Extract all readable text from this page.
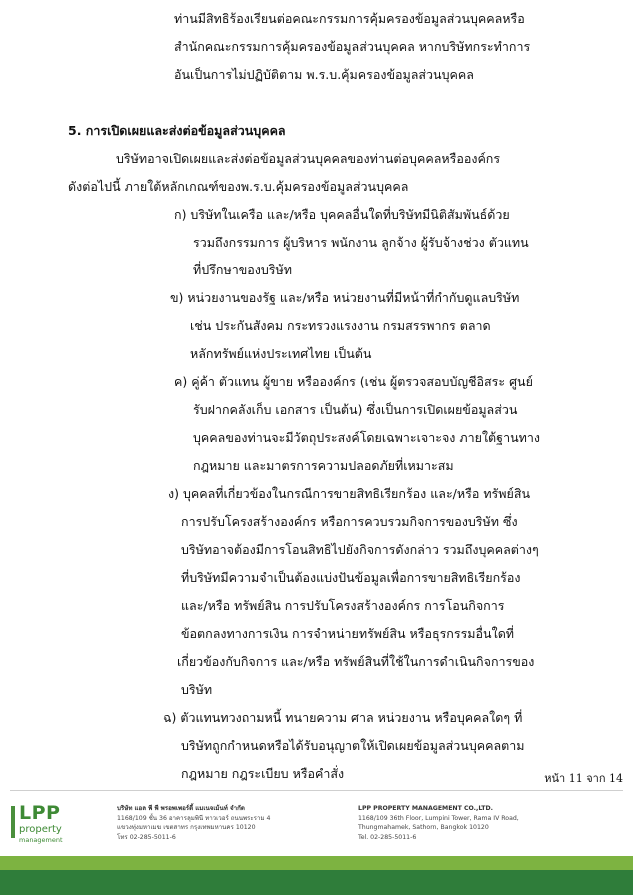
ท่านมีสิทธิร้องเรียนต่อคณะกรรมการคุ้มครองข้อมูลส่วนบุคคลหรือ
สำนักคณะกรรมการคุ้มครองข้อมูลส่วนบุคคล หากบริษัทกระทำการ
อันเป็นการไม่ปฏิบัติตาม พ.ร.บ.คุ้มครองข้อมูลส่วนบุคคล
5. การเปิดเผยและส่งต่อข้อมูลส่วนบุคคล
บริษัทอาจเปิดเผยและส่งต่อข้อมูลส่วนบุคคลของท่านต่อบุคคลหรือองค์กร
ดังต่อไปนี้ ภายใต้หลักเกณฑ์ของพ.ร.บ.คุ้มครองข้อมูลส่วนบุคคล
ก) บริษัทในเครือ และ/หรือ บุคคลอื่นใดที่บริษัทมีนิติสัมพันธ์ด้วย
รวมถึงกรรมการ ผู้บริหาร พนักงาน ลูกจ้าง ผู้รับจ้างช่วง ตัวแทน
ที่ปรึกษาของบริษัท
ข) หน่วยงานของรัฐ และ/หรือ หน่วยงานที่มีหน้าที่กำกับดูแลบริษัท
เช่น ประกันสังคม กระทรวงแรงงาน กรมสรรพากร ตลาด
หลักทรัพย์แห่งประเทศไทย เป็นต้น
ค) คู่ค้า ตัวแทน ผู้ขาย หรือองค์กร (เช่น ผู้ตรวจสอบบัญชีอิสระ ศูนย์
รับฝากคลังเก็บ เอกสาร เป็นต้น) ซึ่งเป็นการเปิดเผยข้อมูลส่วน
บุคคลของท่านจะมีวัตถุประสงค์โดยเฉพาะเจาะจง ภายใต้ฐานทาง
กฎหมาย และมาตรการความปลอดภัยที่เหมาะสม
ง) บุคคลที่เกี่ยวข้องในกรณีการขายสิทธิเรียกร้อง และ/หรือ ทรัพย์สิน
การปรับโครงสร้างองค์กร หรือการควบรวมกิจการของบริษัท ซึ่ง
บริษัทอาจต้องมีการโอนสิทธิไปยังกิจการดังกล่าว รวมถึงบุคคลต่างๆ
ที่บริษัทมีความจำเป็นต้องแบ่งปันข้อมูลเพื่อการขายสิทธิเรียกร้อง
และ/หรือ ทรัพย์สิน การปรับโครงสร้างองค์กร การโอนกิจการ
ข้อตกลงทางการเงิน การจำหน่ายทรัพย์สิน หรือธุรกรรมอื่นใดที่
เกี่ยวข้องกับกิจการ และ/หรือ ทรัพย์สินที่ใช้ในการดำเนินกิจการของ
บริษัท
ฉ) ตัวแทนทวงถามหนี้ ทนายความ ศาล หน่วยงาน หรือบุคคลใดๆ ที่
บริษัทถูกกำหนดหรือได้รับอนุญาตให้เปิดเผยข้อมูลส่วนบุคคลตาม
กฎหมาย กฎระเบียบ หรือคำสั่ง	หน้า 11 จาก 14
LPP
property
management
บริษัท แอล พี พี พรอพเพอร์ตี้ แมเนจเม้นท์ จำกัด
1168/109 ชั้น 36 อาคารลุมพินี ทาวเวอร์ ถนนพระราม 4
แขวงทุ่งมหาเมฆ เขตสาทร กรุงเทพมหานคร 10120
โทร 02-285-5011-6
LPP PROPERTY MANAGEMENT CO.,LTD.
1168/109 36th Floor, Lumpini Tower, Rama IV Road,
Thungmahamek, Sathorn, Bangkok 10120
Tel. 02-285-5011-6
